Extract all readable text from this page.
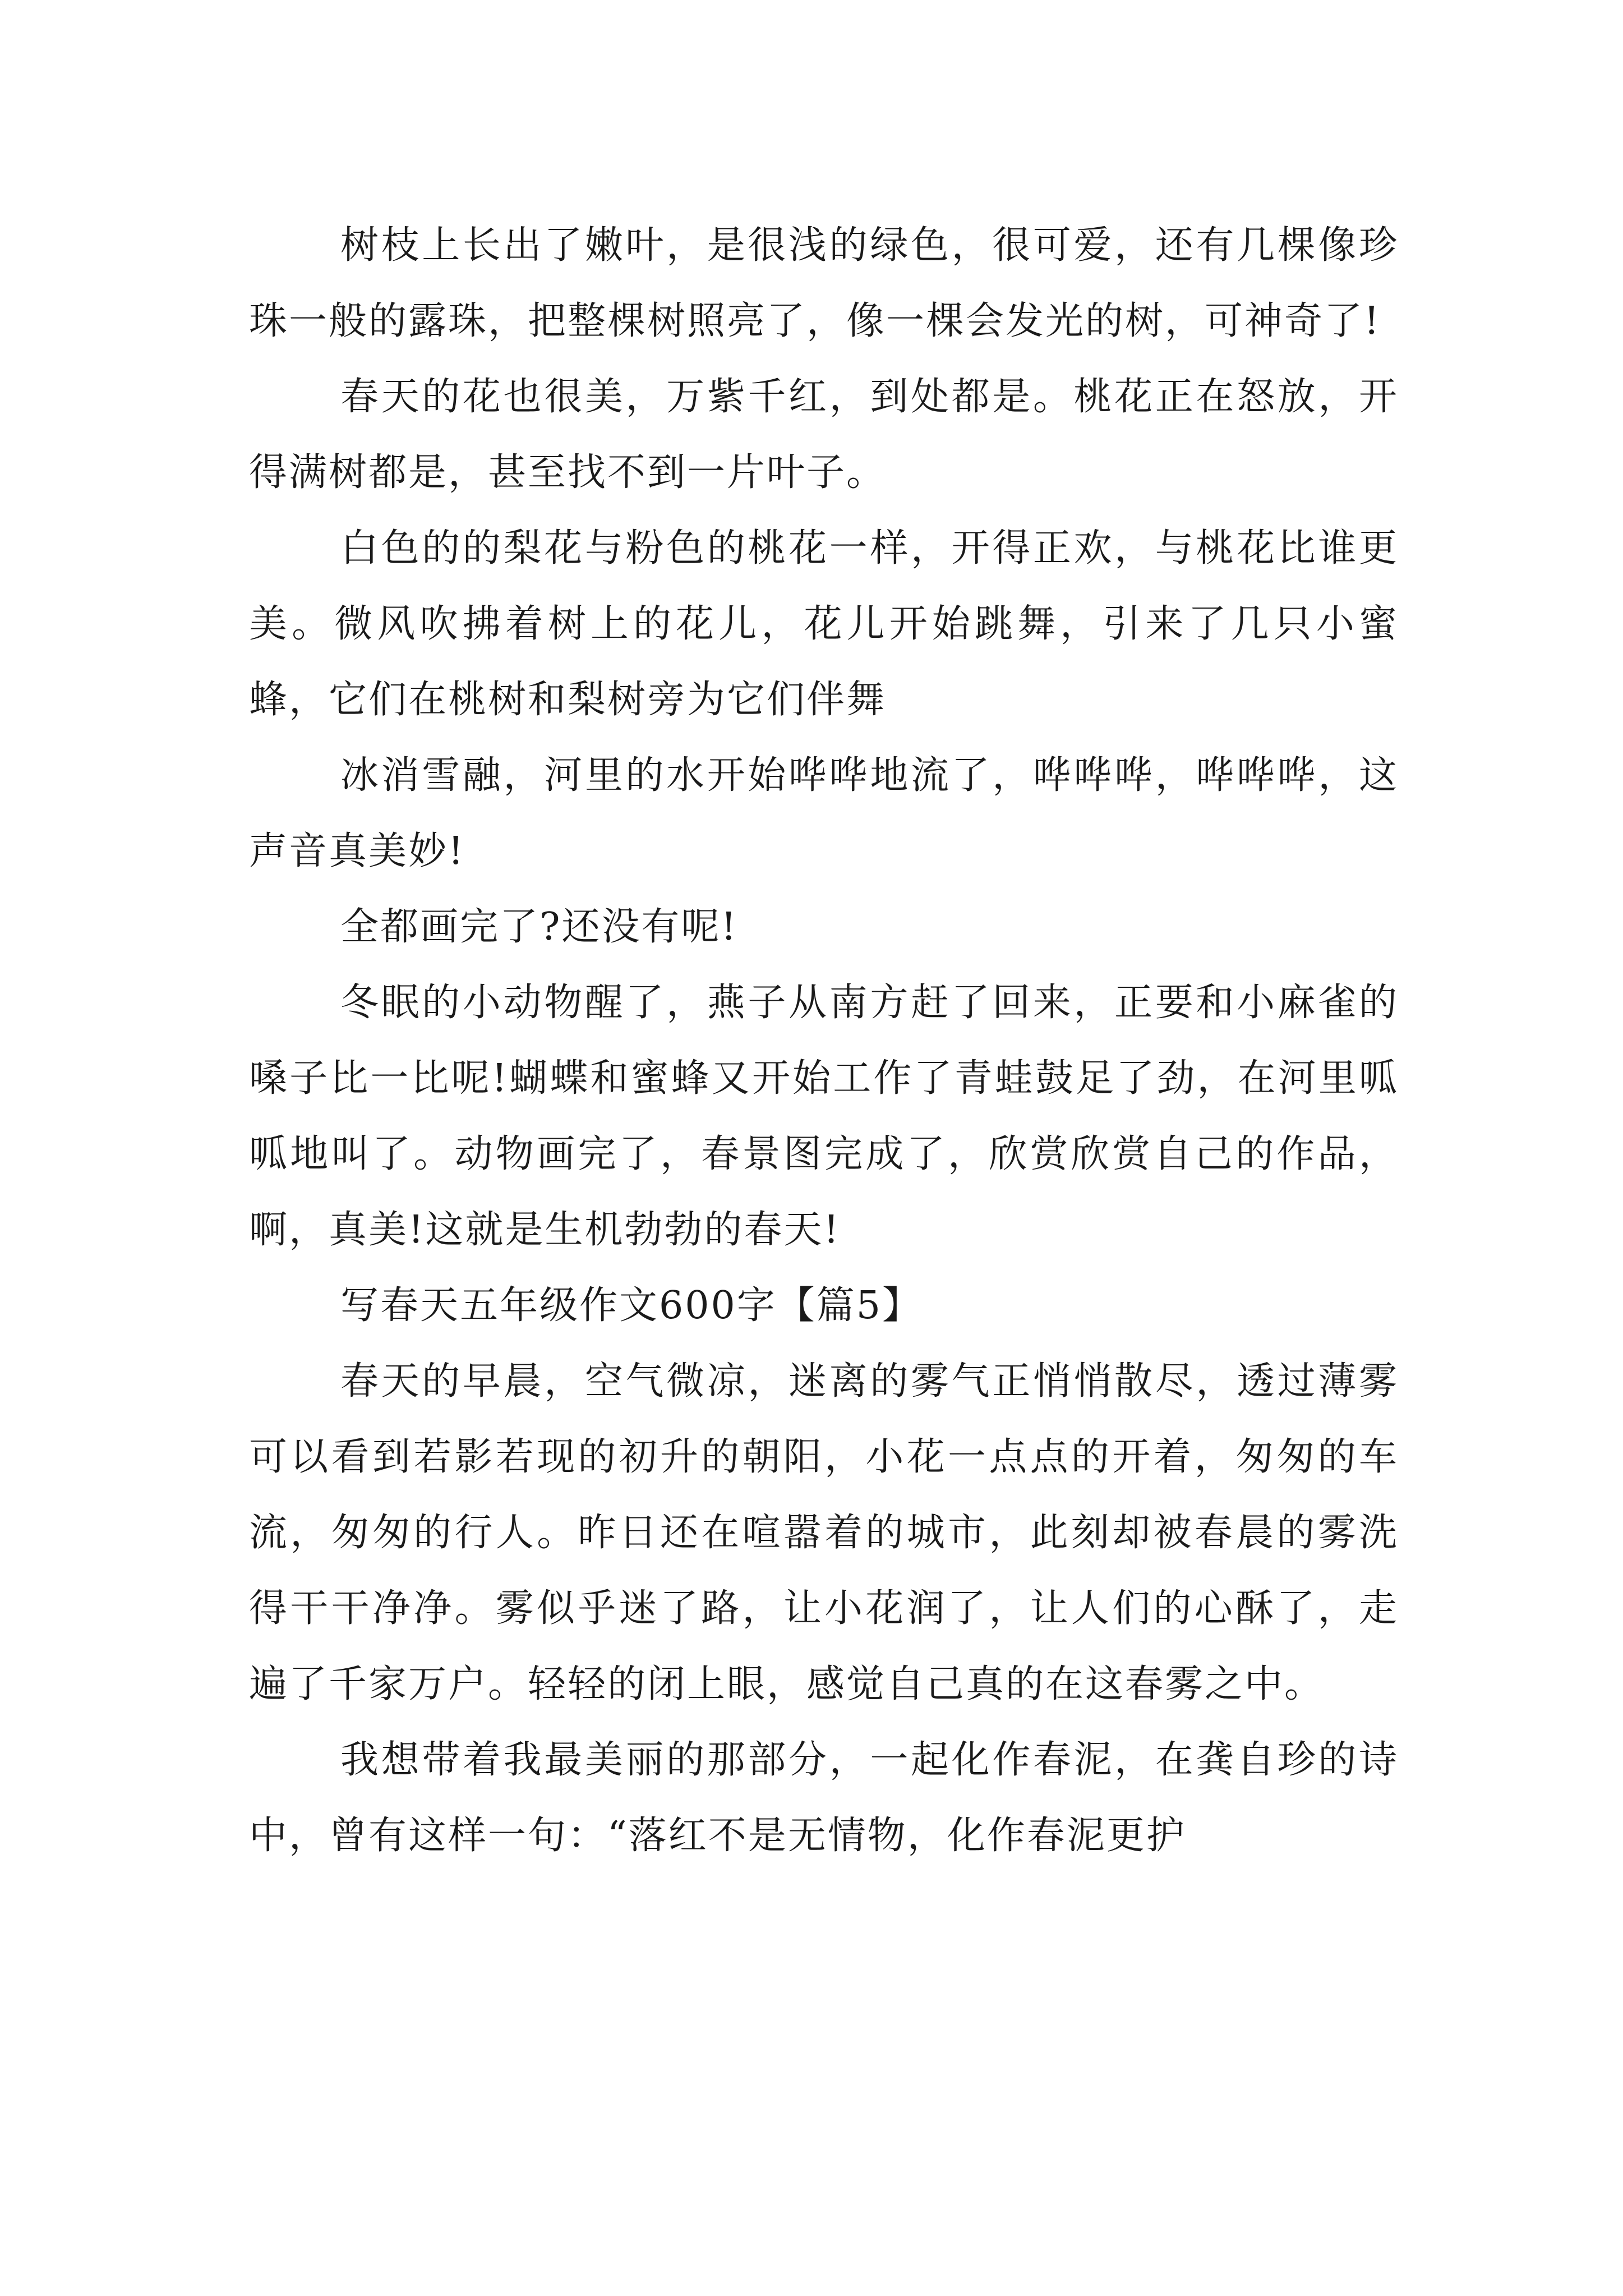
树枝上长出了嫩叶，是很浅的绿色，很可爱，还有几棵像珍珠一般的露珠，把整棵树照亮了，像一棵会发光的树，可神奇了!

春天的花也很美，万紫千红，到处都是。桃花正在怒放，开得满树都是，甚至找不到一片叶子。

白色的的梨花与粉色的桃花一样，开得正欢，与桃花比谁更美。微风吹拂着树上的花儿，花儿开始跳舞，引来了几只小蜜蜂，它们在桃树和梨树旁为它们伴舞

冰消雪融，河里的水开始哗哗地流了，哗哗哗，哗哗哗，这声音真美妙!

全都画完了?还没有呢!

冬眠的小动物醒了，燕子从南方赶了回来，正要和小麻雀的嗓子比一比呢!蝴蝶和蜜蜂又开始工作了青蛙鼓足了劲，在河里呱呱地叫了。动物画完了，春景图完成了，欣赏欣赏自己的作品，啊，真美!这就是生机勃勃的春天!

写春天五年级作文600字【篇5】

春天的早晨，空气微凉，迷离的雾气正悄悄散尽，透过薄雾可以看到若影若现的初升的朝阳，小花一点点的开着，匆匆的车流，匆匆的行人。昨日还在喧嚣着的城市，此刻却被春晨的雾洗得干干净净。雾似乎迷了路，让小花润了，让人们的心酥了，走遍了千家万户。轻轻的闭上眼，感觉自己真的在这春雾之中。

我想带着我最美丽的那部分，一起化作春泥，在龚自珍的诗中，曾有这样一句：“落红不是无情物，化作春泥更护
